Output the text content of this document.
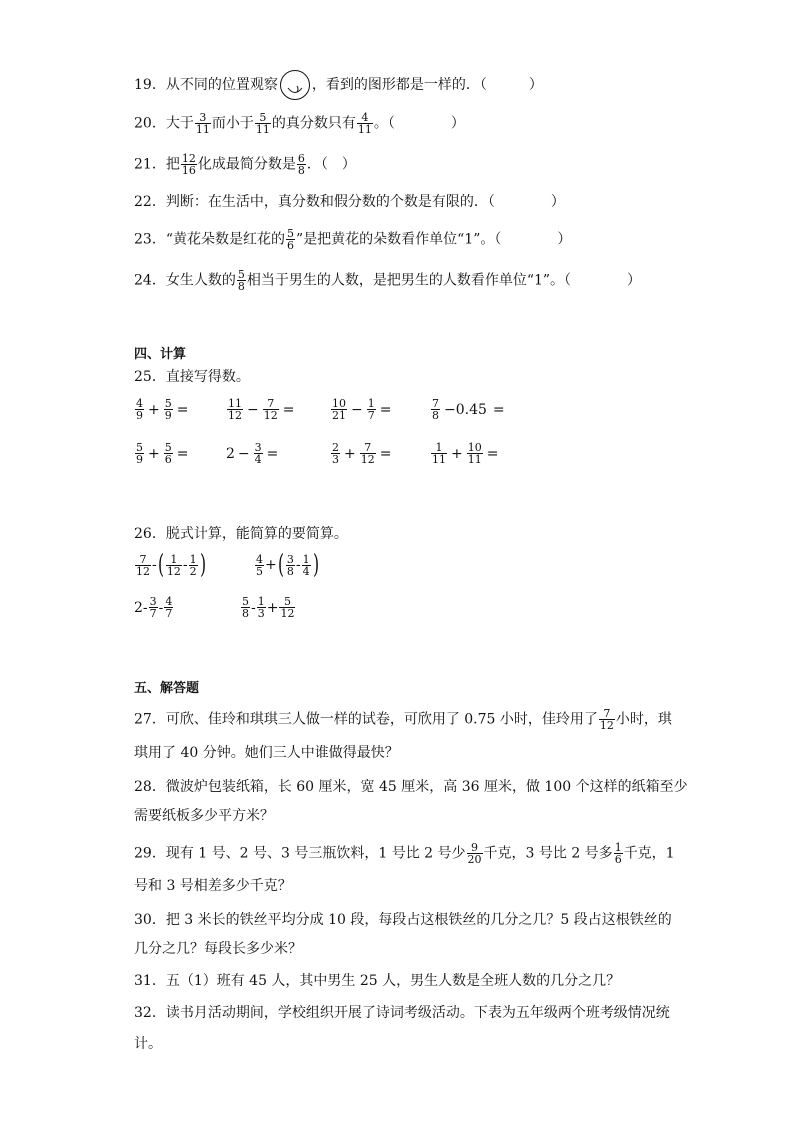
19．从不同的位置观察 ，看到的图形都是一样的．（　　　）
20．大于 $\frac{3}{11}$ 而小于 $\frac{5}{11}$ 的真分数只有 $\frac{4}{11}$ 。（　　　　）
21．把 $\frac{12}{16}$ 化成最简分数是 $\frac{6}{8}$ ．（　）
22．判断：在生活中，真分数和假分数的个数是有限的．（　　　　）
23．“黄花朵数是红花的 $\frac{5}{6}$ ”是把黄花的朵数看作单位“1”。（　　　　）
24．女生人数的 $\frac{5}{8}$ 相当于男生的人数，是把男生的人数看作单位“1”。（　　　　）
四、计算
25．直接写得数。
$\frac{4}{9} + \frac{5}{9}$ =	$\frac{11}{12} - \frac{7}{12}$ =	$\frac{10}{21} - \frac{1}{7}$ =	$\frac{7}{8} -0.45$ =
$\frac{5}{9} + \frac{5}{6}$ =	$2 - \frac{3}{4}$ =	$\frac{2}{3} + \frac{7}{12}$ =	$\frac{1}{11} + \frac{10}{11}$ =
26．脱式计算，能简算的要简算。
$\frac{7}{12}$ - ( $\frac{1}{12} - \frac{1}{2}$ )	$\frac{4}{5}$ + ( $\frac{3}{8} - \frac{1}{4}$ )
$2 - \frac{3}{7} - \frac{4}{7}$	$\frac{5}{8} - \frac{1}{3} + \frac{5}{12}$
五、解答题
27．可欣、佳玲和琪琪三人做一样的试卷，可欣用了 0.75 小时，佳玲用了 $\frac{7}{12}$ 小时，琪
琪用了 40 分钟。她们三人中谁做得最快？
28．微波炉包装纸箱，长 60 厘米，宽 45 厘米，高 36 厘米，做 100 个这样的纸箱至少
需要纸板多少平方米？
29．现有 1 号、2 号、3 号三瓶饮料，1 号比 2 号少 $\frac{9}{20}$ 千克，3 号比 2 号多 $\frac{1}{6}$ 千克，1
号和 3 号相差多少千克？
30．把 3 米长的铁丝平均分成 10 段，每段占这根铁丝的几分之几？5 段占这根铁丝的
几分之几？每段长多少米？
31．五（1）班有 45 人，其中男生 25 人，男生人数是全班人数的几分之几？
32．读书月活动期间，学校组织开展了诗词考级活动。下表为五年级两个班考级情况统
计。
